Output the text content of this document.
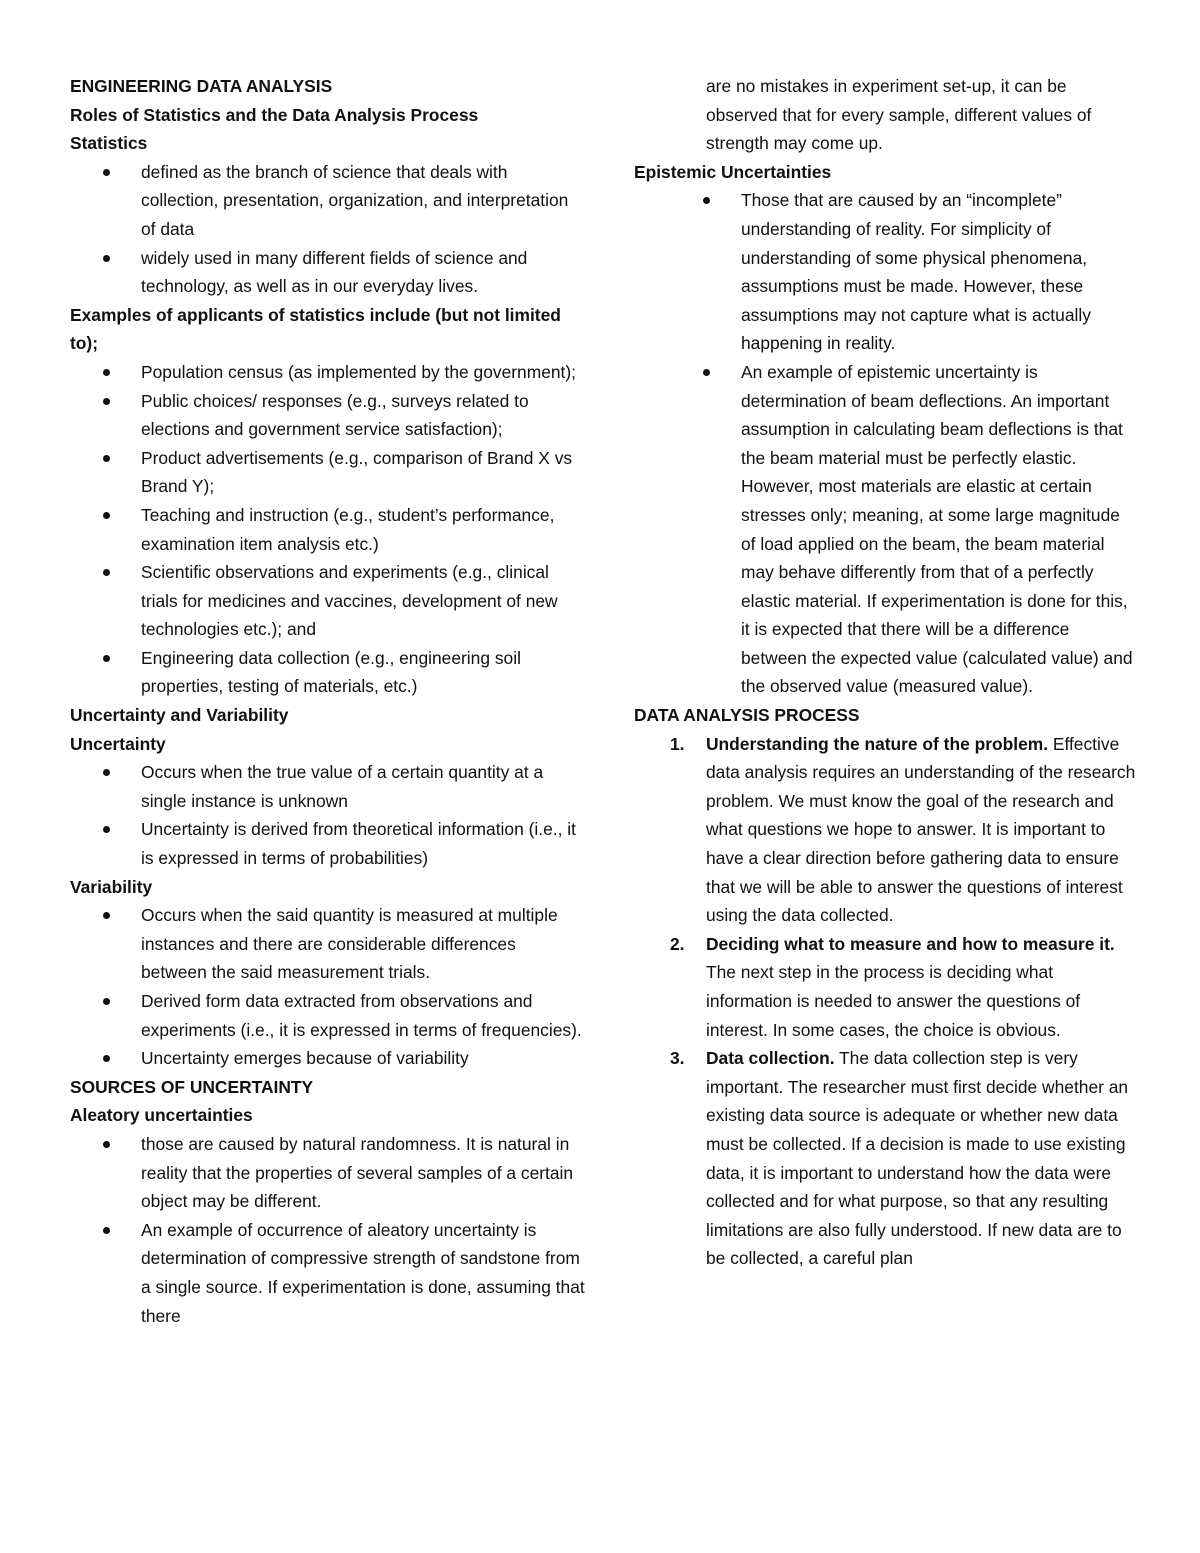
ENGINEERING DATA ANALYSIS

Roles of Statistics and the Data Analysis Process

Statistics

defined as the branch of science that deals with collection, presentation, organization, and interpretation of data
widely used in many different fields of science and technology, as well as in our everyday lives.

Examples of applicants of statistics include (but not limited to);

Population census (as implemented by the government);
Public choices/ responses (e.g., surveys related to elections and government service satisfaction);
Product advertisements (e.g., comparison of Brand X vs Brand Y);
Teaching and instruction (e.g., student’s performance, examination item analysis etc.)
Scientific observations and experiments (e.g., clinical trials for medicines and vaccines, development of new technologies etc.); and
Engineering data collection (e.g., engineering soil properties, testing of materials, etc.)

Uncertainty and Variability

Uncertainty

Occurs when the true value of a certain quantity at a single instance is unknown
Uncertainty is derived from theoretical information (i.e., it is expressed in terms of probabilities)

Variability

Occurs when the said quantity is measured at multiple instances and there are considerable differences between the said measurement trials.
Derived form data extracted from observations and experiments (i.e., it is expressed in terms of frequencies).
Uncertainty emerges because of variability

SOURCES OF UNCERTAINTY

Aleatory uncertainties

those are caused by natural randomness. It is natural in reality that the properties of several samples of a certain object may be different.
An example of occurrence of aleatory uncertainty is determination of compressive strength of sandstone from a single source. If experimentation is done, assuming that there

are no mistakes in experiment set-up, it can be observed that for every sample, different values of strength may come up.

Epistemic Uncertainties

Those that are caused by an “incomplete” understanding of reality. For simplicity of understanding of some physical phenomena, assumptions must be made. However, these assumptions may not capture what is actually happening in reality.
An example of epistemic uncertainty is determination of beam deflections. An important assumption in calculating beam deflections is that the beam material must be perfectly elastic. However, most materials are elastic at certain stresses only; meaning, at some large magnitude of load applied on the beam, the beam material may behave differently from that of a perfectly elastic material. If experimentation is done for this, it is expected that there will be a difference between the expected value (calculated value) and the observed value (measured value).

DATA ANALYSIS PROCESS

1. Understanding the nature of the problem. Effective data analysis requires an understanding of the research problem. We must know the goal of the research and what questions we hope to answer. It is important to have a clear direction before gathering data to ensure that we will be able to answer the questions of interest using the data collected.
2. Deciding what to measure and how to measure it. The next step in the process is deciding what information is needed to answer the questions of interest. In some cases, the choice is obvious.
3. Data collection. The data collection step is very important. The researcher must first decide whether an existing data source is adequate or whether new data must be collected. If a decision is made to use existing data, it is important to understand how the data were collected and for what purpose, so that any resulting limitations are also fully understood. If new data are to be collected, a careful plan
